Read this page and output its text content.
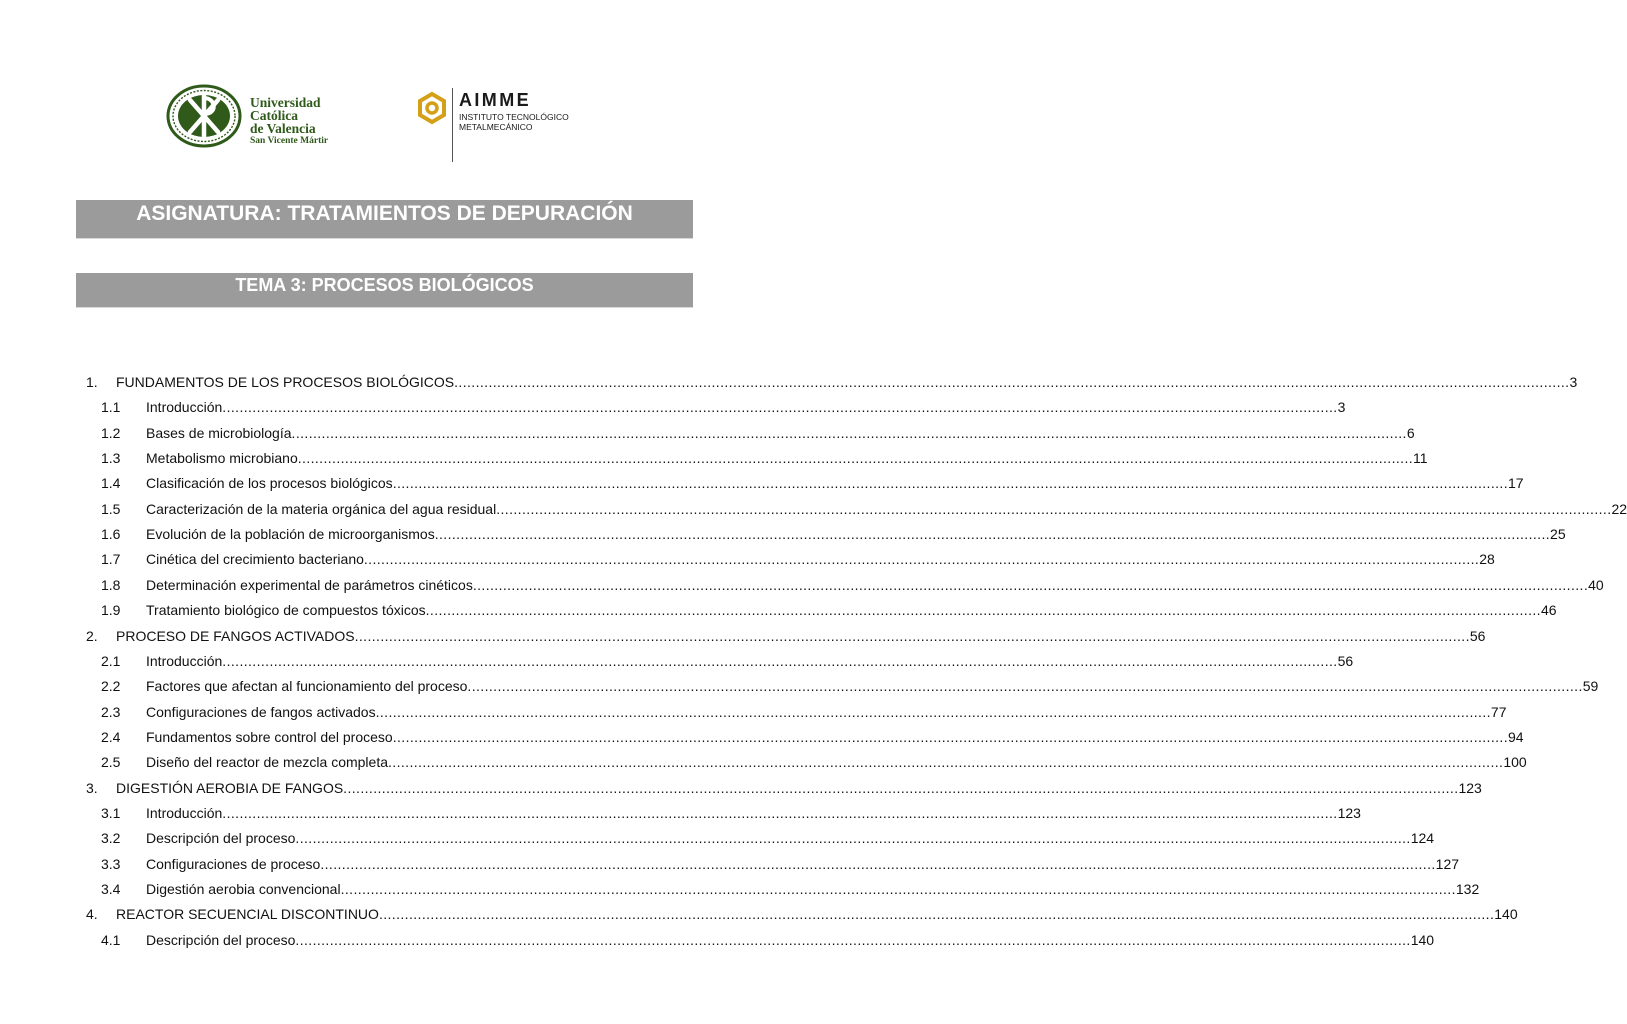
Universidad
Católica
de Valencia
San Vicente Mártir
AIMME
INSTITUTO TECNOLÓGICO
METALMECÁNICO
ASIGNATURA: TRATAMIENTOS DE DEPURACIÓN
TEMA 3: PROCESOS BIOLÓGICOS
1. FUNDAMENTOS DE LOS PROCESOS BIOLÓGICOS .................................................................................................................................................................................................................................................................... 3
1.1 Introducción .................................................................................................................................................................................................................................................................... 3
1.2 Bases de microbiología .................................................................................................................................................................................................................................................................... 6
1.3 Metabolismo microbiano .................................................................................................................................................................................................................................................................... 11
1.4 Clasificación de los procesos biológicos .................................................................................................................................................................................................................................................................... 17
1.5 Caracterización de la materia orgánica del agua residual .................................................................................................................................................................................................................................................................... 22
1.6 Evolución de la población de microorganismos .................................................................................................................................................................................................................................................................... 25
1.7 Cinética del crecimiento bacteriano .................................................................................................................................................................................................................................................................... 28
1.8 Determinación experimental de parámetros cinéticos .................................................................................................................................................................................................................................................................... 40
1.9 Tratamiento biológico de compuestos tóxicos .................................................................................................................................................................................................................................................................... 46
2. PROCESO DE FANGOS ACTIVADOS .................................................................................................................................................................................................................................................................... 56
2.1 Introducción .................................................................................................................................................................................................................................................................... 56
2.2 Factores que afectan al funcionamiento del proceso .................................................................................................................................................................................................................................................................... 59
2.3 Configuraciones de fangos activados .................................................................................................................................................................................................................................................................... 77
2.4 Fundamentos sobre control del proceso .................................................................................................................................................................................................................................................................... 94
2.5 Diseño del reactor de mezcla completa .................................................................................................................................................................................................................................................................... 100
3. DIGESTIÓN AEROBIA DE FANGOS .................................................................................................................................................................................................................................................................... 123
3.1 Introducción .................................................................................................................................................................................................................................................................... 123
3.2 Descripción del proceso .................................................................................................................................................................................................................................................................... 124
3.3 Configuraciones de proceso .................................................................................................................................................................................................................................................................... 127
3.4 Digestión aerobia convencional .................................................................................................................................................................................................................................................................... 132
4. REACTOR SECUENCIAL DISCONTINUO .................................................................................................................................................................................................................................................................... 140
4.1 Descripción del proceso .................................................................................................................................................................................................................................................................... 140
